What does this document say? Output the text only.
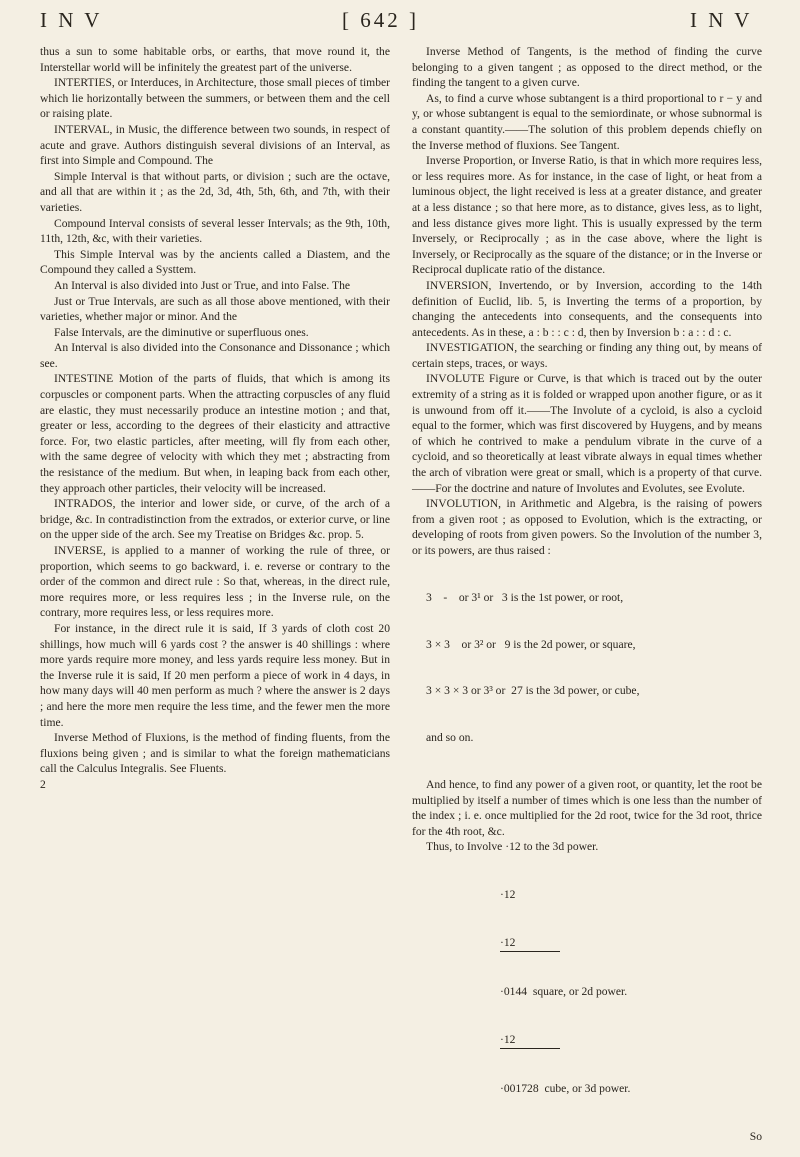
I N V	[ 642 ]	I N V

thus a sun to some habitable orbs, or earths, that move round it, the Interstellar world will be infinitely the greatest part of the universe.

INTERTIES, or Interduces, in Architecture, those small pieces of timber which lie horizontally between the summers, or between them and the cell or raising plate.

INTERVAL, in Music, the difference between two sounds, in respect of acute and grave. Authors distinguish several divisions of an Interval, as first into Simple and Compound. The

Simple Interval is that without parts, or division ; such are the octave, and all that are within it ; as the 2d, 3d, 4th, 5th, 6th, and 7th, with their varieties.

Compound Interval consists of several lesser Intervals; as the 9th, 10th, 11th, 12th, &c, with their varieties.

This Simple Interval was by the ancients called a Diastem, and the Compound they called a Systtem.

An Interval is also divided into Just or True, and into False. The

Just or True Intervals, are such as all those above mentioned, with their varieties, whether major or minor. And the

False Intervals, are the diminutive or superfluous ones.

An Interval is also divided into the Consonance and Dissonance ; which see.

INTESTINE Motion of the parts of fluids, that which is among its corpuscles or component parts. When the attracting corpuscles of any fluid are elastic, they must necessarily produce an intestine motion ; and that, greater or less, according to the degrees of their elasticity and attractive force. For, two elastic particles, after meeting, will fly from each other, with the same degree of velocity with which they met ; abstracting from the resistance of the medium. But when, in leaping back from each other, they approach other particles, their velocity will be increased.

INTRADOS, the interior and lower side, or curve, of the arch of a bridge, &c. In contradistinction from the extrados, or exterior curve, or line on the upper side of the arch. See my Treatise on Bridges &c. prop. 5.

INVERSE, is applied to a manner of working the rule of three, or proportion, which seems to go backward, i. e. reverse or contrary to the order of the common and direct rule : So that, whereas, in the direct rule, more requires more, or less requires less ; in the Inverse rule, on the contrary, more requires less, or less requires more.

For instance, in the direct rule it is said, If 3 yards of cloth cost 20 shillings, how much will 6 yards cost ? the answer is 40 shillings : where more yards require more money, and less yards require less money. But in the Inverse rule it is said, If 20 men perform a piece of work in 4 days, in how many days will 40 men perform as much ? where the answer is 2 days ; and here the more men require the less time, and the fewer men the more time.

Inverse Method of Fluxions, is the method of finding fluents, from the fluxions being given ; and is similar to what the foreign mathematicians call the Calculus Integralis. See Fluents.

2

Inverse Method of Tangents, is the method of finding the curve belonging to a given tangent ; as opposed to the direct method, or the finding the tangent to a given curve.

As, to find a curve whose subtangent is a third proportional to r − y and y, or whose subtangent is equal to the semiordinate, or whose subnormal is a constant quantity.——The solution of this problem depends chiefly on the Inverse method of fluxions. See Tangent.

Inverse Proportion, or Inverse Ratio, is that in which more requires less, or less requires more. As for instance, in the case of light, or heat from a luminous object, the light received is less at a greater distance, and greater at a less distance ; so that here more, as to distance, gives less, as to light, and less distance gives more light. This is usually expressed by the term Inversely, or Reciprocally ; as in the case above, where the light is Inversely, or Reciprocally as the square of the distance; or in the Inverse or Reciprocal duplicate ratio of the distance.

INVERSION, Invertendo, or by Inversion, according to the 14th definition of Euclid, lib. 5, is Inverting the terms of a proportion, by changing the antecedents into consequents, and the consequents into antecedents. As in these, a : b : : c : d, then by Inversion b : a : : d : c.

INVESTIGATION, the searching or finding any thing out, by means of certain steps, traces, or ways.

INVOLUTE Figure or Curve, is that which is traced out by the outer extremity of a string as it is folded or wrapped upon another figure, or as it is unwound from off it.——The Involute of a cycloid, is also a cycloid equal to the former, which was first discovered by Huygens, and by means of which he contrived to make a pendulum vibrate in the curve of a cycloid, and so theoretically at least vibrate always in equal times whether the arch of vibration were great or small, which is a property of that curve.——For the doctrine and nature of Involutes and Evolutes, see Evolute.

INVOLUTION, in Arithmetic and Algebra, is the raising of powers from a given root ; as opposed to Evolution, which is the extracting, or developing of roots from given powers. So the Involution of the number 3, or its powers, are thus raised :

3    -    or 3¹ or   3 is the 1st power, or root,

3 × 3    or 3² or   9 is the 2d power, or square,

3 × 3 × 3 or 3³ or  27 is the 3d power, or cube,

and so on.

And hence, to find any power of a given root, or quantity, let the root be multiplied by itself a number of times which is one less than the number of the index ; i. e. once multiplied for the 2d root, twice for the 3d root, thrice for the 4th root, &c.

Thus, to Involve ·12 to the 3d power.

·12

·12

·0144  square, or 2d power.

·12

·001728  cube, or 3d power.

So
